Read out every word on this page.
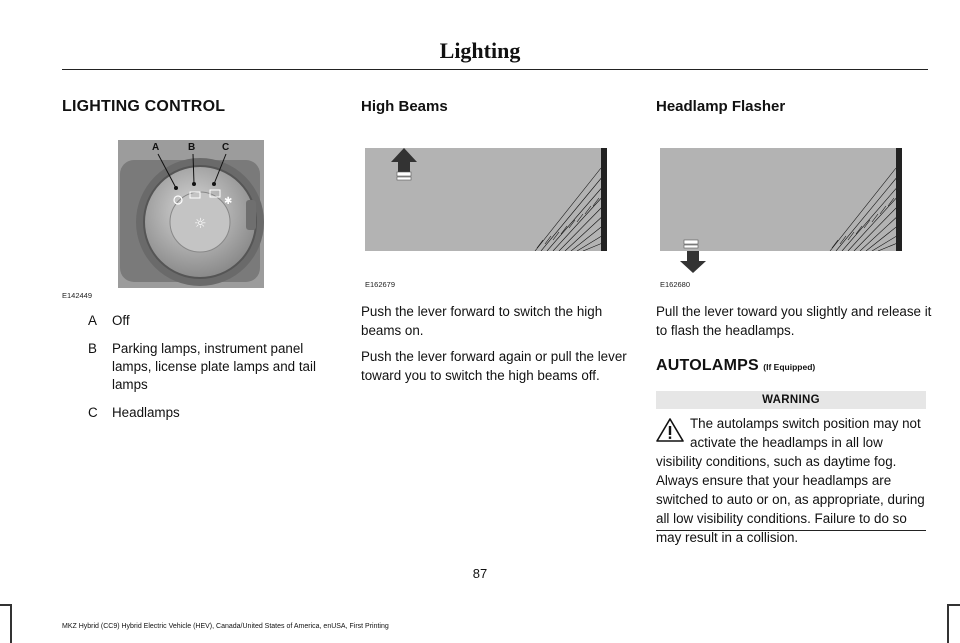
Lighting
LIGHTING CONTROL
✱
☼
A	B	C
E142449
A	Off
B	Parking lamps, instrument panel lamps, license plate lamps and tail lamps
C	Headlamps
High Beams
E162679

Push the lever forward to switch the high beams on.

Push the lever forward again or pull the lever toward you to switch the high beams off.

Headlamp Flasher
E162680
Pull the lever toward you slightly and release it to flash the headlamps.
AUTOLAMPS (If Equipped)
WARNING
The autolamps switch position may not activate the headlamps in all low visibility conditions, such as daytime fog. Always ensure that your headlamps are switched to auto or on, as appropriate, during all low visibility conditions. Failure to do so may result in a collision.
87
MKZ Hybrid (CC9) Hybrid Electric Vehicle (HEV), Canada/United States of America, enUSA, First Printing
